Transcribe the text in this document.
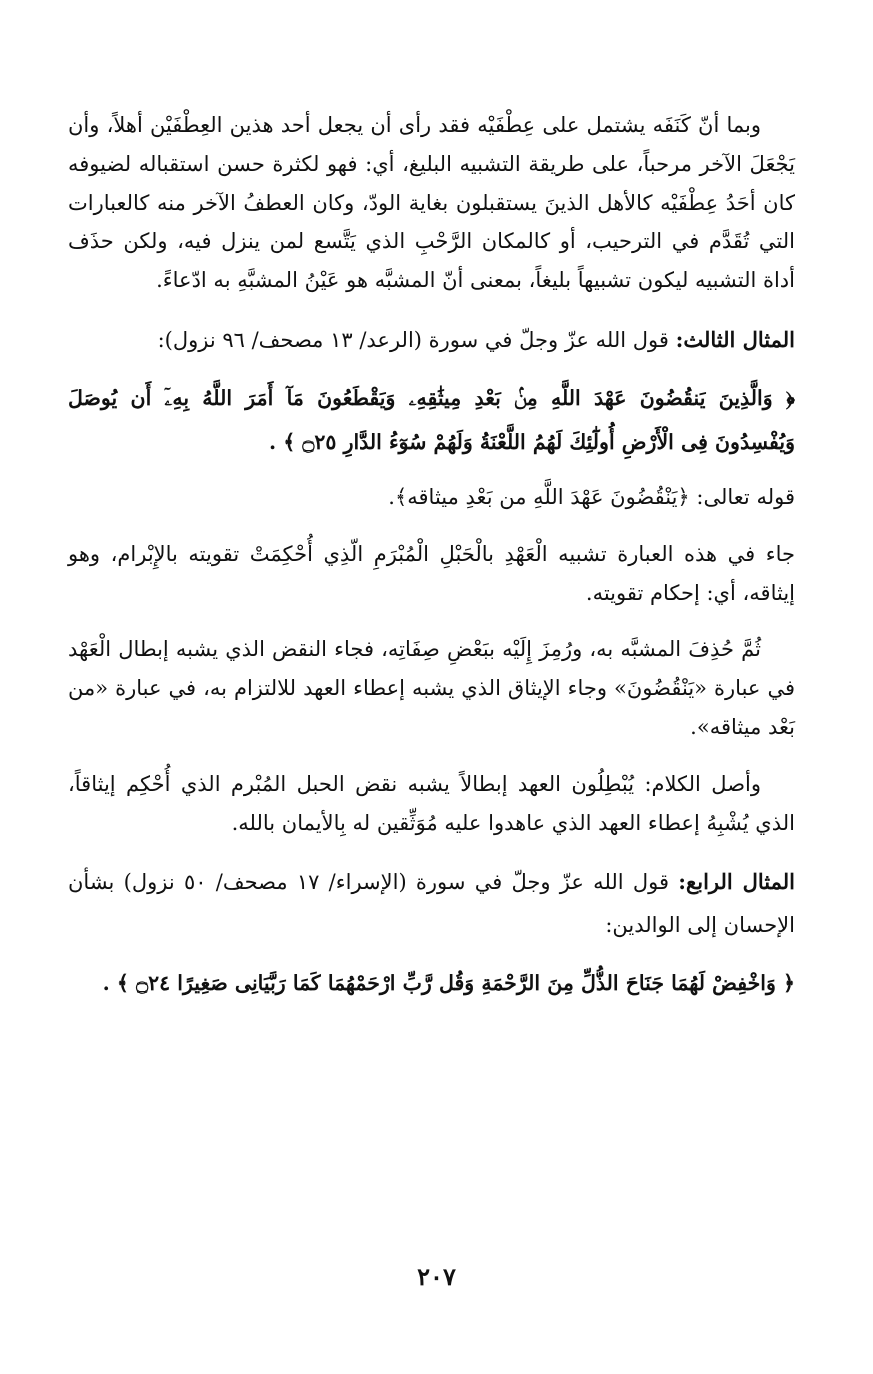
وبما أنّ كَنَفَه يشتمل على عِطْفَيْه فقد رأى أن يجعل أحد هذين العِطْفَيْن أهلاً، وأن يَجْعَلَ الآخر مرحباً، على طريقة التشبيه البليغ، أي: فهو لكثرة حسن استقباله لضيوفه كان أحَدُ عِطْفَيْه كالأهل الذينَ يستقبلون بغاية الودّ، وكان العطفُ الآخر منه كالعبارات التي تُقَدَّم في الترحيب، أو كالمكان الرَّحْبِ الذي يَتَّسع لمن ينزل فيه، ولكن حذَف أداة التشبيه ليكون تشبيهاً بليغاً، بمعنى أنّ المشبَّه هو عَيْنُ المشبَّهِ به ادّعاءً.

المثال الثالث: قول الله عزّ وجلّ في سورة (الرعد/ ١٣ مصحف/ ٩٦ نزول):

﴿ وَالَّذِينَ يَنقُضُونَ عَهْدَ اللَّهِ مِنۢ بَعْدِ مِيثَٰقِهِۦ وَيَقْطَعُونَ مَآ أَمَرَ اللَّهُ بِهِۦٓ أَن يُوصَلَ وَيُفْسِدُونَ فِى الْأَرْضِ أُولَٰٓئِكَ لَهُمُ اللَّعْنَةُ وَلَهُمْ سُوٓءُ الدَّارِ ۝٢٥ ﴾ .

قوله تعالى: ﴿يَنْقُضُونَ عَهْدَ اللَّهِ من بَعْدِ ميثاقه﴾.

جاء في هذه العبارة تشبيه الْعَهْدِ بالْحَبْلِ الْمُبْرَمِ الّذِي أُحْكِمَتْ تقويته بالإِبْرام، وهو إيثاقه، أي: إحكام تقويته.

ثُمَّ حُذِفَ المشبَّه به، ورُمِزَ إِلَيْه ببَعْضِ صِفَاتِه، فجاء النقض الذي يشبه إبطال الْعَهْد في عبارة «يَنْقُضُونَ» وجاء الإيثاق الذي يشبه إعطاء العهد للالتزام به، في عبارة «من بَعْد ميثاقه».

وأصل الكلام: يُبْطِلُون العهد إبطالاً يشبه نقض الحبل المُبْرم الذي أُحْكِم إيثاقاً، الذي يُشْبِهُ إعطاء العهد الذي عاهدوا عليه مُوَثِّقين له بِالأيمان بالله.

المثال الرابع: قول الله عزّ وجلّ في سورة (الإسراء/ ١٧ مصحف/ ٥٠ نزول) بشأن الإحسان إلى الوالدين:

﴿ وَاخْفِضْ لَهُمَا جَنَاحَ الذُّلِّ مِنَ الرَّحْمَةِ وَقُل رَّبِّ ارْحَمْهُمَا كَمَا رَبَّيَانِى صَغِيرًا ۝٢٤ ﴾ .

٢٠٧
